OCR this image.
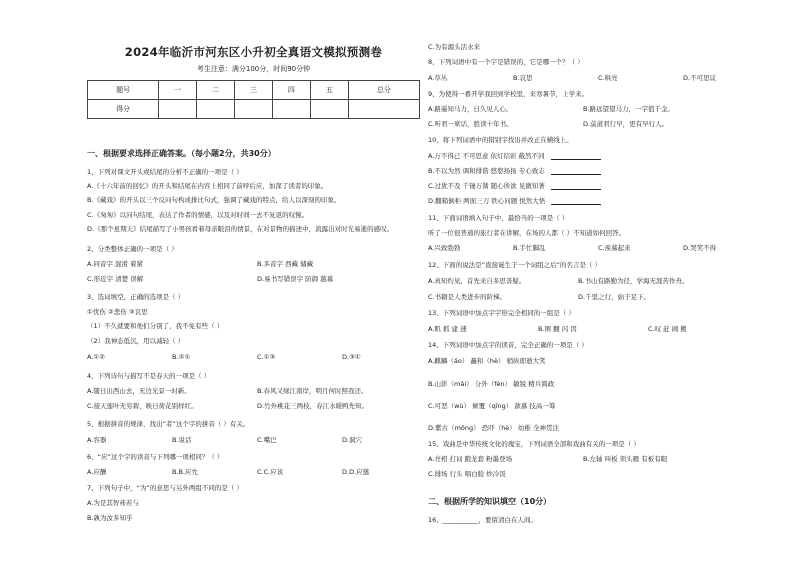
2024年临沂市河东区小升初全真语文模拟预测卷
考生注意：满分100分，时间90分钟
题号	一	二	三	四	五	总分
得分						
一、根据要求选择正确答案。（每小题2分，共30分）
1、下列对课文开头或结尾的分析不正确的一项是（ ）
A.《十六年前的回忆》的开头和结尾在内容上相同了前呼后应，加深了读者的印象。
B.《藏戏》的开头以三个反问句构成排比句式，强调了藏戏的特点，给人以深刻的印象。
C.《匆匆》以问句结尾，表达了作者的情感，以及对时间一去不复返的叹惋。
D.《那个星期天》结尾描写了小男孩看着母亲眼泪的情景，在对景物的描述中，流露出对时光易逝的感叹。
2、分类整体正确的一项是（ ）
A.同音字 混淆 着紧	B.多音字 西藏 储藏
C.形近字 清楚 误解	D.易书写错误字 防御 越幕
3、选词填空，正确的选项是（ ）
①忧伤 ②悲伤 ③哀思
（1）不久就要和他们分别了，我不免有些（ ）
（2）我神态低沉，用以减轻（ ）
A.①②	B.②①	C.①③	D.③①
4、下列诗句与描写不是春天的一项是（ ）
A.随日出西山去，无边光景一时新。	B.春风又绿江南岸，明月何时照我还。
C.接天莲叶无穷碧，映日荷花别样红。	D.竹外桃花三两枝，春江水暖鸭先知。
5、根据拼音的规律，找出“者”这个字的拼音（ ）有关。
A.容器	B.说话	C.嘴巴	D.洞穴
6、“应”这个字的读音与下列哪一项相同？（ ）
A.应酬	B.B.应允	C.C.应该	D.D.应邀
7、下列句子中，“为”的意思与另外两组不同的是（ ）
A.为是其智弗若与
B.孰为汝多知乎
C.为有源头活水来
8、下列词语中有一个字是错误的，它是哪一个？（ ）
A.草丛	B.哀思	C.哄亮	D.不可思议
9、为使得一番开学我回到学校里，来寒暑节，上学来。
A.路遥知马力，日久见人心。	B.路远望望马力，一字值千金。
C.听君一席话，胜读十年书。	D.莫道君行早，更有早行人。
10、将下列词语中的错别字找出并改正在横线上。
A.万不得已 不可思意 依灯结彩 截然不同
B.不以为然 调和排谐 悠悠扬扬 专心致志
C.过犹不及 千锤万凿 随心所欲 见微知著
D.翻箱倒柜 两面三刀 铁心问题 悦然大悟
11、下面词语填入句子中，最恰当的一项是（ ）
听了一位很普通的旅行者在讲解，在场的人都（ ）不知道如何回答。
A.兴致勃勃	B.手忙脚乱	C.羡慕起来	D.哭笑不得
12、下面的说法是“直接诞生于一个词组之后”的名言是（ ）
A.真知灼见，首先来自多思善疑。	B.书山有路勤为径，学海无涯苦作舟。
C.书籍是人类进步的阶梯。	D.千里之行，始于足下。
13、下列词语中加点字字形完全相同的一组是（ ）
A.肌 抓 建 速	B.围 翻 闪 因	C.叹 赶 闹 搬
14、下列词语中加点字的读音，完全正确的一项是（ ）
A.麒麟（áo） 矗和（hè） 稍纵即逝大笑
B.山影（mǎi） 分外（fèn） 敏锐 精兵简政
C.可恶（wù） 倾覆（qīng） 歆慕 技高一筹
D.紫古（mǒng） 恐吓（hè） 幼稚 全神贯注
15、戏曲是中华传统文化的瑰宝，下列词语全部和戏曲有关的一项是（ ）
A.亮相 打词 跑龙套 粉墨登场	B.左轴 叫板 领头雁 有板有眼
C.排场 行头 唱白脸 炒冷饭
二、根据所学的知识填空（10分）
16、___________，要留清白在人间。
